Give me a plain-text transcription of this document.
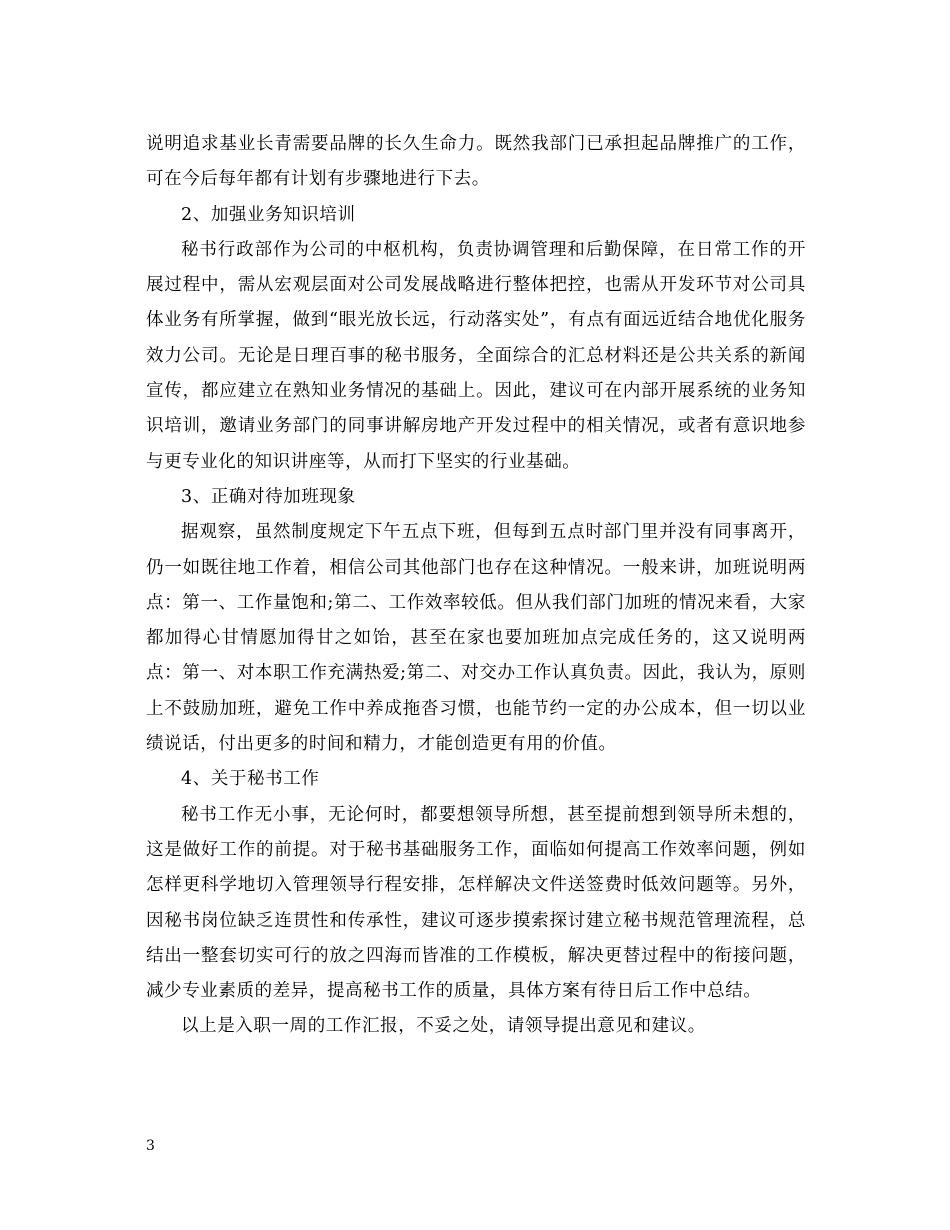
说明追求基业长青需要品牌的长久生命力。既然我部门已承担起品牌推广的工作，可在今后每年都有计划有步骤地进行下去。

2、加强业务知识培训

秘书行政部作为公司的中枢机构，负责协调管理和后勤保障，在日常工作的开展过程中，需从宏观层面对公司发展战略进行整体把控，也需从开发环节对公司具体业务有所掌握，做到“眼光放长远，行动落实处”，有点有面远近结合地优化服务效力公司。无论是日理百事的秘书服务，全面综合的汇总材料还是公共关系的新闻宣传，都应建立在熟知业务情况的基础上。因此，建议可在内部开展系统的业务知识培训，邀请业务部门的同事讲解房地产开发过程中的相关情况，或者有意识地参与更专业化的知识讲座等，从而打下坚实的行业基础。

3、正确对待加班现象

据观察，虽然制度规定下午五点下班，但每到五点时部门里并没有同事离开，仍一如既往地工作着，相信公司其他部门也存在这种情况。一般来讲，加班说明两点：第一、工作量饱和;第二、工作效率较低。但从我们部门加班的情况来看，大家都加得心甘情愿加得甘之如饴，甚至在家也要加班加点完成任务的，这又说明两点：第一、对本职工作充满热爱;第二、对交办工作认真负责。因此，我认为，原则上不鼓励加班，避免工作中养成拖沓习惯，也能节约一定的办公成本，但一切以业绩说话，付出更多的时间和精力，才能创造更有用的价值。

4、关于秘书工作

秘书工作无小事，无论何时，都要想领导所想，甚至提前想到领导所未想的，这是做好工作的前提。对于秘书基础服务工作，面临如何提高工作效率问题，例如怎样更科学地切入管理领导行程安排，怎样解决文件送签费时低效问题等。另外，因秘书岗位缺乏连贯性和传承性，建议可逐步摸索探讨建立秘书规范管理流程，总结出一整套切实可行的放之四海而皆准的工作模板，解决更替过程中的衔接问题，减少专业素质的差异，提高秘书工作的质量，具体方案有待日后工作中总结。

以上是入职一周的工作汇报，不妥之处，请领导提出意见和建议。

3
